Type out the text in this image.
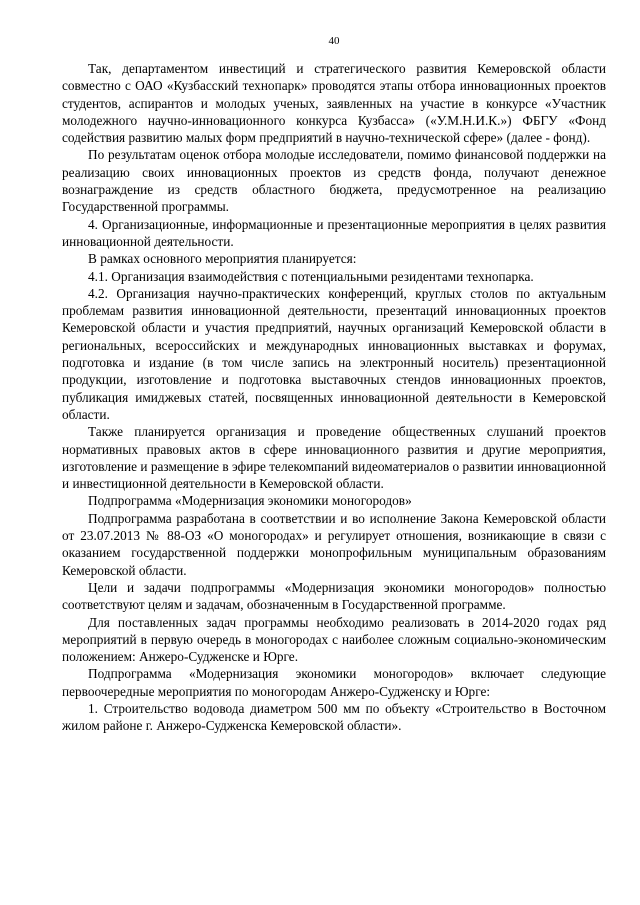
40

Так, департаментом инвестиций и стратегического развития Кемеровской области совместно с ОАО «Кузбасский технопарк» проводятся этапы отбора инновационных проектов студентов, аспирантов и молодых ученых, заявленных на участие в конкурсе «Участник молодежного научно-инновационного конкурса Кузбасса» («У.М.Н.И.К.») ФБГУ «Фонд содействия развитию малых форм предприятий в научно-технической сфере» (далее - фонд).

По результатам оценок отбора молодые исследователи, помимо финансовой поддержки на реализацию своих инновационных проектов из средств фонда, получают денежное вознаграждение из средств областного бюджета, предусмотренное на реализацию Государственной программы.

4. Организационные, информационные и презентационные мероприятия в целях развития инновационной деятельности.

В рамках основного мероприятия планируется:

4.1. Организация взаимодействия с потенциальными резидентами технопарка.

4.2. Организация научно-практических конференций, круглых столов по актуальным проблемам развития инновационной деятельности, презентаций инновационных проектов Кемеровской области и участия предприятий, научных организаций Кемеровской области в региональных, всероссийских и международных инновационных выставках и форумах, подготовка и издание (в том числе запись на электронный носитель) презентационной продукции, изготовление и подготовка выставочных стендов инновационных проектов, публикация имиджевых статей, посвященных инновационной деятельности в Кемеровской области.

Также планируется организация и проведение общественных слушаний проектов нормативных правовых актов в сфере инновационного развития и другие мероприятия, изготовление и размещение в эфире телекомпаний видеоматериалов о развитии инновационной и инвестиционной деятельности в Кемеровской области.

Подпрограмма «Модернизация экономики моногородов»

Подпрограмма разработана в соответствии и во исполнение Закона Кемеровской области от 23.07.2013 № 88-ОЗ «О моногородах» и регулирует отношения, возникающие в связи с оказанием государственной поддержки монопрофильным муниципальным образованиям Кемеровской области.

Цели и задачи подпрограммы «Модернизация экономики моногородов» полностью соответствуют целям и задачам, обозначенным в Государственной программе.

Для поставленных задач программы необходимо реализовать в 2014-2020 годах ряд мероприятий в первую очередь в моногородах с наиболее сложным социально-экономическим положением: Анжеро-Судженске и Юрге.

Подпрограмма «Модернизация экономики моногородов» включает следующие первоочередные мероприятия по моногородам Анжеро-Судженску и Юрге:

1. Строительство водовода диаметром 500 мм по объекту «Строительство в Восточном жилом районе г. Анжеро-Судженска Кемеровской области».
